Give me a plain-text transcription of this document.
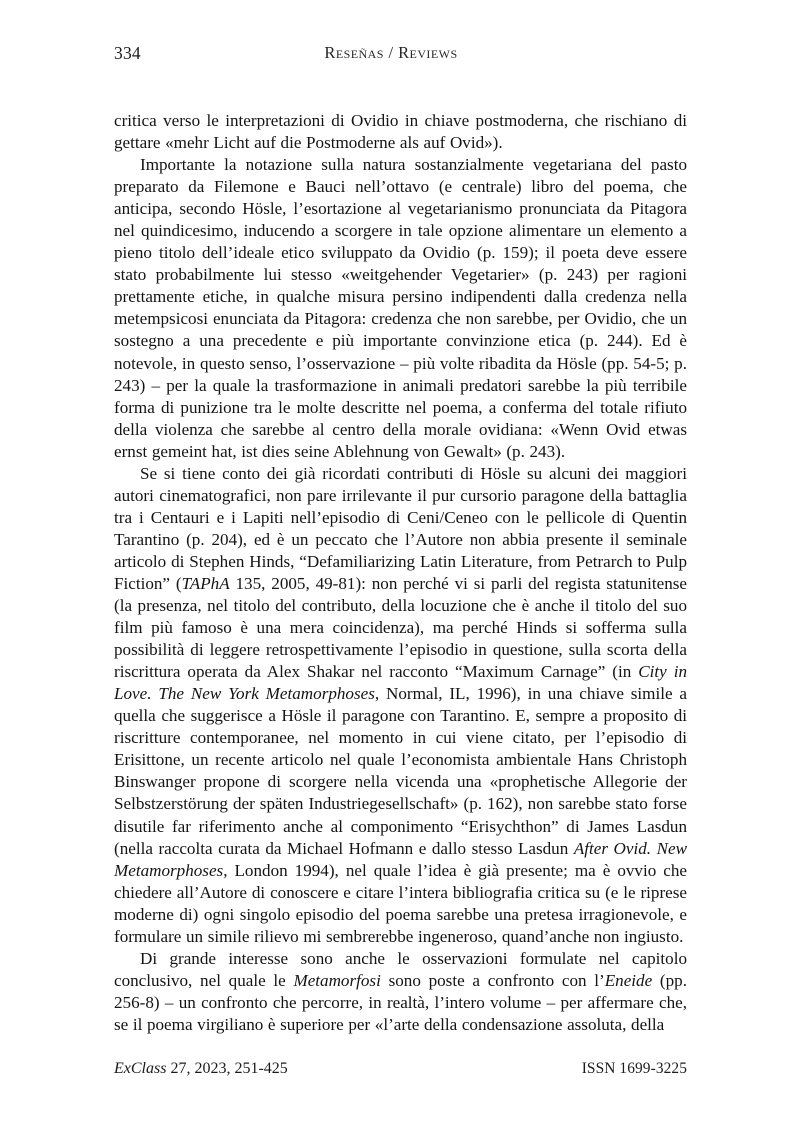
334	Reseñas / Reviews

critica verso le interpretazioni di Ovidio in chiave postmoderna, che rischiano di gettare «mehr Licht auf die Postmoderne als auf Ovid»).

Importante la notazione sulla natura sostanzialmente vegetariana del pasto preparato da Filemone e Bauci nell’ottavo (e centrale) libro del poema, che anticipa, secondo Hösle, l’esortazione al vegetarianismo pronunciata da Pitagora nel quindicesimo, inducendo a scorgere in tale opzione alimentare un elemento a pieno titolo dell’ideale etico sviluppato da Ovidio (p. 159); il poeta deve essere stato probabilmente lui stesso «weitgehender Vegetarier» (p. 243) per ragioni prettamente etiche, in qualche misura persino indipendenti dalla credenza nella metempsicosi enunciata da Pitagora: credenza che non sarebbe, per Ovidio, che un sostegno a una precedente e più importante convinzione etica (p. 244). Ed è notevole, in questo senso, l’osservazione – più volte ribadita da Hösle (pp. 54-5; p. 243) – per la quale la trasformazione in animali predatori sarebbe la più terribile forma di punizione tra le molte descritte nel poema, a conferma del totale rifiuto della violenza che sarebbe al centro della morale ovidiana: «Wenn Ovid etwas ernst gemeint hat, ist dies seine Ablehnung von Gewalt» (p. 243).

Se si tiene conto dei già ricordati contributi di Hösle su alcuni dei maggiori autori cinematografici, non pare irrilevante il pur cursorio paragone della battaglia tra i Centauri e i Lapiti nell’episodio di Ceni/Ceneo con le pellicole di Quentin Tarantino (p. 204), ed è un peccato che l’Autore non abbia presente il seminale articolo di Stephen Hinds, “Defamiliarizing Latin Literature, from Petrarch to Pulp Fiction” (TAPhA 135, 2005, 49-81): non perché vi si parli del regista statunitense (la presenza, nel titolo del contributo, della locuzione che è anche il titolo del suo film più famoso è una mera coincidenza), ma perché Hinds si sofferma sulla possibilità di leggere retrospettivamente l’episodio in questione, sulla scorta della riscrittura operata da Alex Shakar nel racconto “Maximum Carnage” (in City in Love. The New York Metamorphoses, Normal, IL, 1996), in una chiave simile a quella che suggerisce a Hösle il paragone con Tarantino. E, sempre a proposito di riscritture contemporanee, nel momento in cui viene citato, per l’episodio di Erisittone, un recente articolo nel quale l’economista ambientale Hans Christoph Binswanger propone di scorgere nella vicenda una «prophetische Allegorie der Selbstzerstörung der späten Industriegesellschaft» (p. 162), non sarebbe stato forse disutile far riferimento anche al componimento “Erisychthon” di James Lasdun (nella raccolta curata da Michael Hofmann e dallo stesso Lasdun After Ovid. New Metamorphoses, London 1994), nel quale l’idea è già presente; ma è ovvio che chiedere all’Autore di conoscere e citare l’intera bibliografia critica su (e le riprese moderne di) ogni singolo episodio del poema sarebbe una pretesa irragionevole, e formulare un simile rilievo mi sembrerebbe ingeneroso, quand’anche non ingiusto.

Di grande interesse sono anche le osservazioni formulate nel capitolo conclusivo, nel quale le Metamorfosi sono poste a confronto con l’Eneide (pp. 256-8) – un confronto che percorre, in realtà, l’intero volume – per affermare che, se il poema virgiliano è superiore per «l’arte della condensazione assoluta, della

ExClass 27, 2023, 251-425	ISSN 1699-3225
